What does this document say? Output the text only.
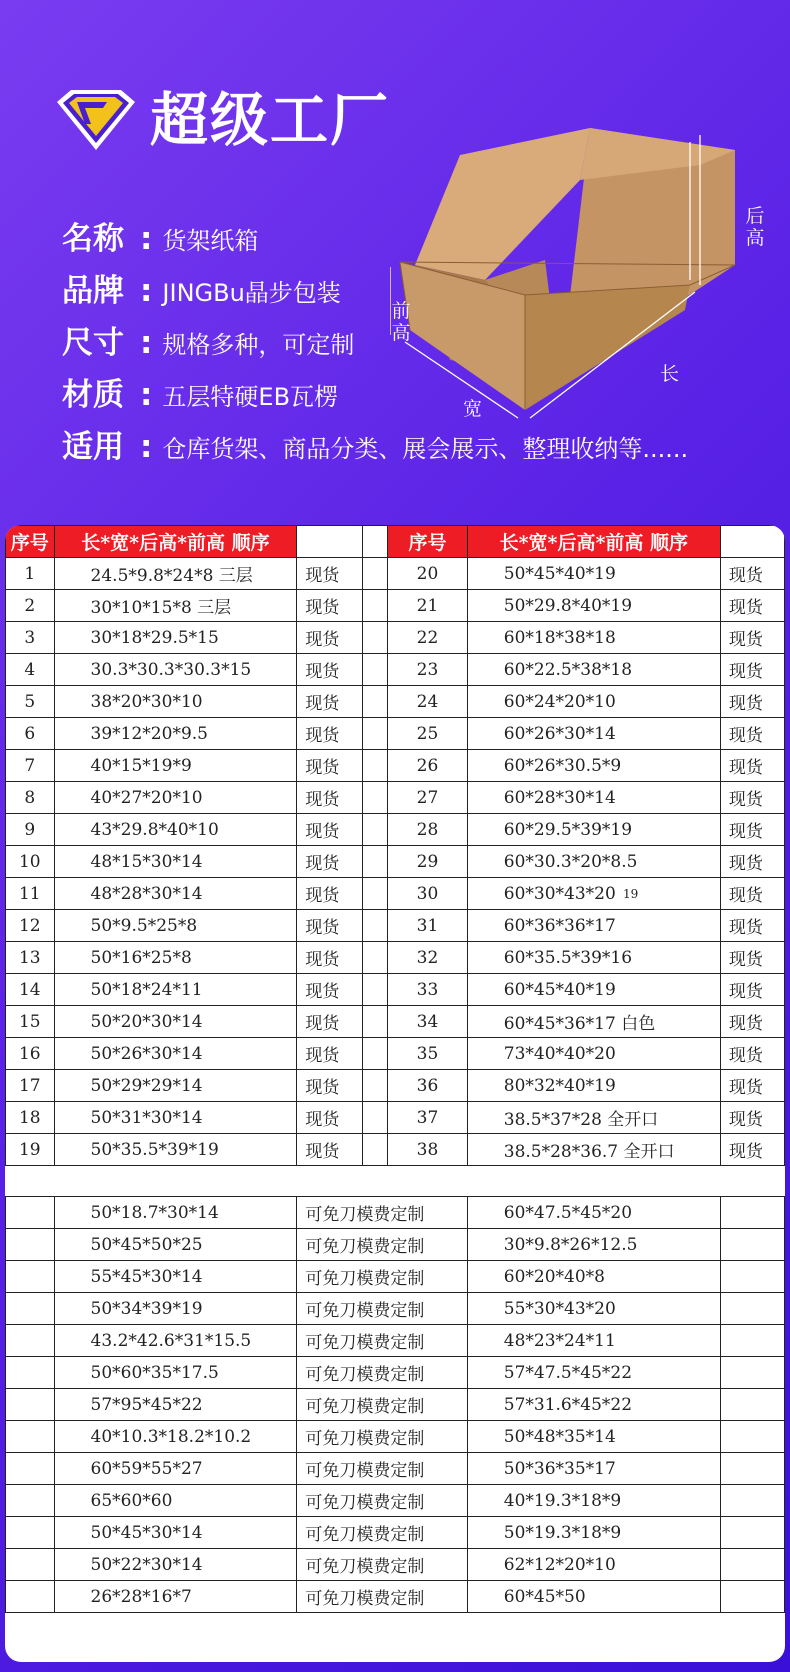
超级工厂
名称 : 货架纸箱
品牌 : JINGBu晶步包装
尺寸 : 规格多种，可定制
材质 : 五层特硬EB瓦楞
适用 : 仓库货架、商品分类、展会展示、整理收纳等......
后高
前高
长
宽
序号	长*宽*后高*前高 顺序			序号	长*宽*后高*前高 顺序	
1	24.5*9.8*24*8 三层	现货		20	50*45*40*19	现货
2	30*10*15*8 三层	现货		21	50*29.8*40*19	现货
3	30*18*29.5*15	现货		22	60*18*38*18	现货
4	30.3*30.3*30.3*15	现货		23	60*22.5*38*18	现货
5	38*20*30*10	现货		24	60*24*20*10	现货
6	39*12*20*9.5	现货		25	60*26*30*14	现货
7	40*15*19*9	现货		26	60*26*30.5*9	现货
8	40*27*20*10	现货		27	60*28*30*14	现货
9	43*29.8*40*10	现货		28	60*29.5*39*19	现货
10	48*15*30*14	现货		29	60*30.3*20*8.5	现货
11	48*28*30*14	现货		30	60*30*43*20	现货
12	50*9.5*25*8	现货		31	60*36*36*17	现货
13	50*16*25*8	现货		32	60*35.5*39*16	现货
14	50*18*24*11	现货		33	60*45*40*19	现货
15	50*20*30*14	现货		34	60*45*36*17 白色	现货
16	50*26*30*14	现货		35	73*40*40*20	现货
17	50*29*29*14	现货		36	80*32*40*19	现货
18	50*31*30*14	现货		37	38.5*37*28 全开口	现货
19	50*35.5*39*19	现货		38	38.5*28*36.7 全开口	现货

	50*18.7*30*14	可免刀模费定制			60*47.5*45*20	
	50*45*50*25	可免刀模费定制			30*9.8*26*12.5	
	55*45*30*14	可免刀模费定制			60*20*40*8	
	50*34*39*19	可免刀模费定制			55*30*43*20	
	43.2*42.6*31*15.5	可免刀模费定制			48*23*24*11	
	50*60*35*17.5	可免刀模费定制			57*47.5*45*22	
	57*95*45*22	可免刀模费定制			57*31.6*45*22	
	40*10.3*18.2*10.2	可免刀模费定制			50*48*35*14	
	60*59*55*27	可免刀模费定制			50*36*35*17	
	65*60*60	可免刀模费定制			40*19.3*18*9	
	50*45*30*14	可免刀模费定制			50*19.3*18*9	
	50*22*30*14	可免刀模费定制			62*12*20*10	
	26*28*16*7	可免刀模费定制			60*45*50	
19
